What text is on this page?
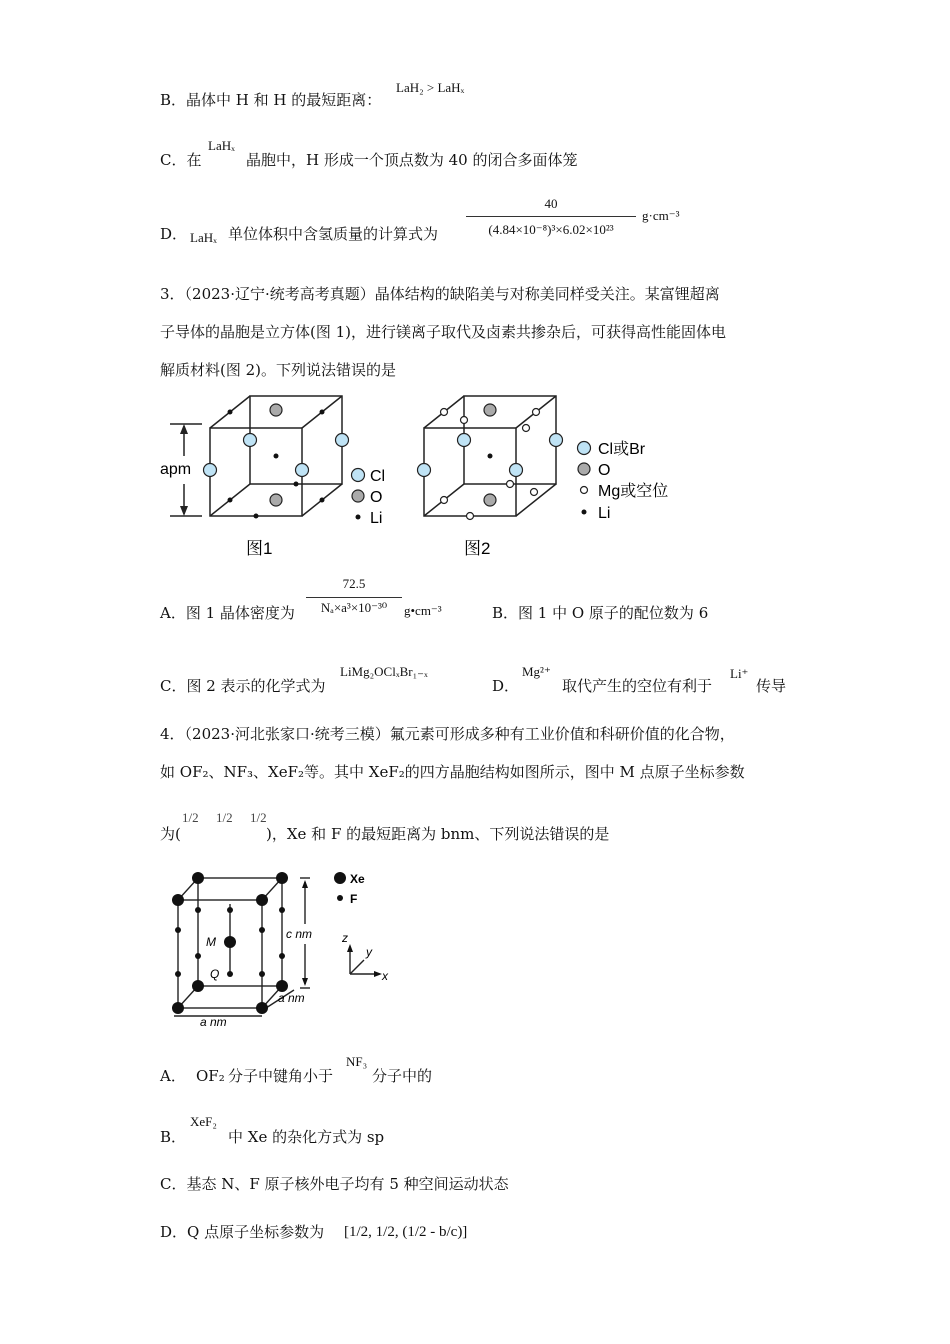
B．晶体中 H 和 H 的最短距离：
LaH₂ > LaHₓ
C．在
LaHₓ
晶胞中，H 形成一个顶点数为 40 的闭合多面体笼
D． LaHₓ 单位体积中含氢质量的计算式为
40
(4.84×10⁻⁸)³×6.02×10²³
g·cm⁻³
3．（2023·辽宁·统考高考真题）晶体结构的缺陷美与对称美同样受关注。某富锂超离
子导体的晶胞是立方体(图 1)，进行镁离子取代及卤素共掺杂后，可获得高性能固体电
解质材料(图 2)。下列说法错误的是
apm	Cl
O
Li
图1
Cl或Br
O
Mg或空位
Li
图2
A．图 1 晶体密度为
72.5
Nₐ×a³×10⁻³⁰	g•cm⁻³	B．图 1 中 O 原子的配位数为 6
C．图 2 表示的化学式为
LiMg₂OClₓBr₁₋ₓ
D．
Mg²⁺
取代产生的空位有利于
Li⁺
传导
4．（2023·河北张家口·统考三模）氟元素可形成多种有工业价值和科研价值的化合物，
如 OF₂、NF₃、XeF₂等。其中 XeF₂的四方晶胞结构如图所示，图中 M 点原子坐标参数
为(
1/2 1/2 1/2
)，Xe 和 F 的最短距离为 bnm、下列说法错误的是
M
Q
c nm
a nm
a nm
z
y
x
Xe
F
A． OF₂ 分子中键角小于
NF₃
分子中的
B．
XeF₂
中 Xe 的杂化方式为 sp
C．基态 N、F 原子核外电子均有 5 种空间运动状态
D．Q 点原子坐标参数为 [1/2, 1/2, (1/2 - b/c)]
